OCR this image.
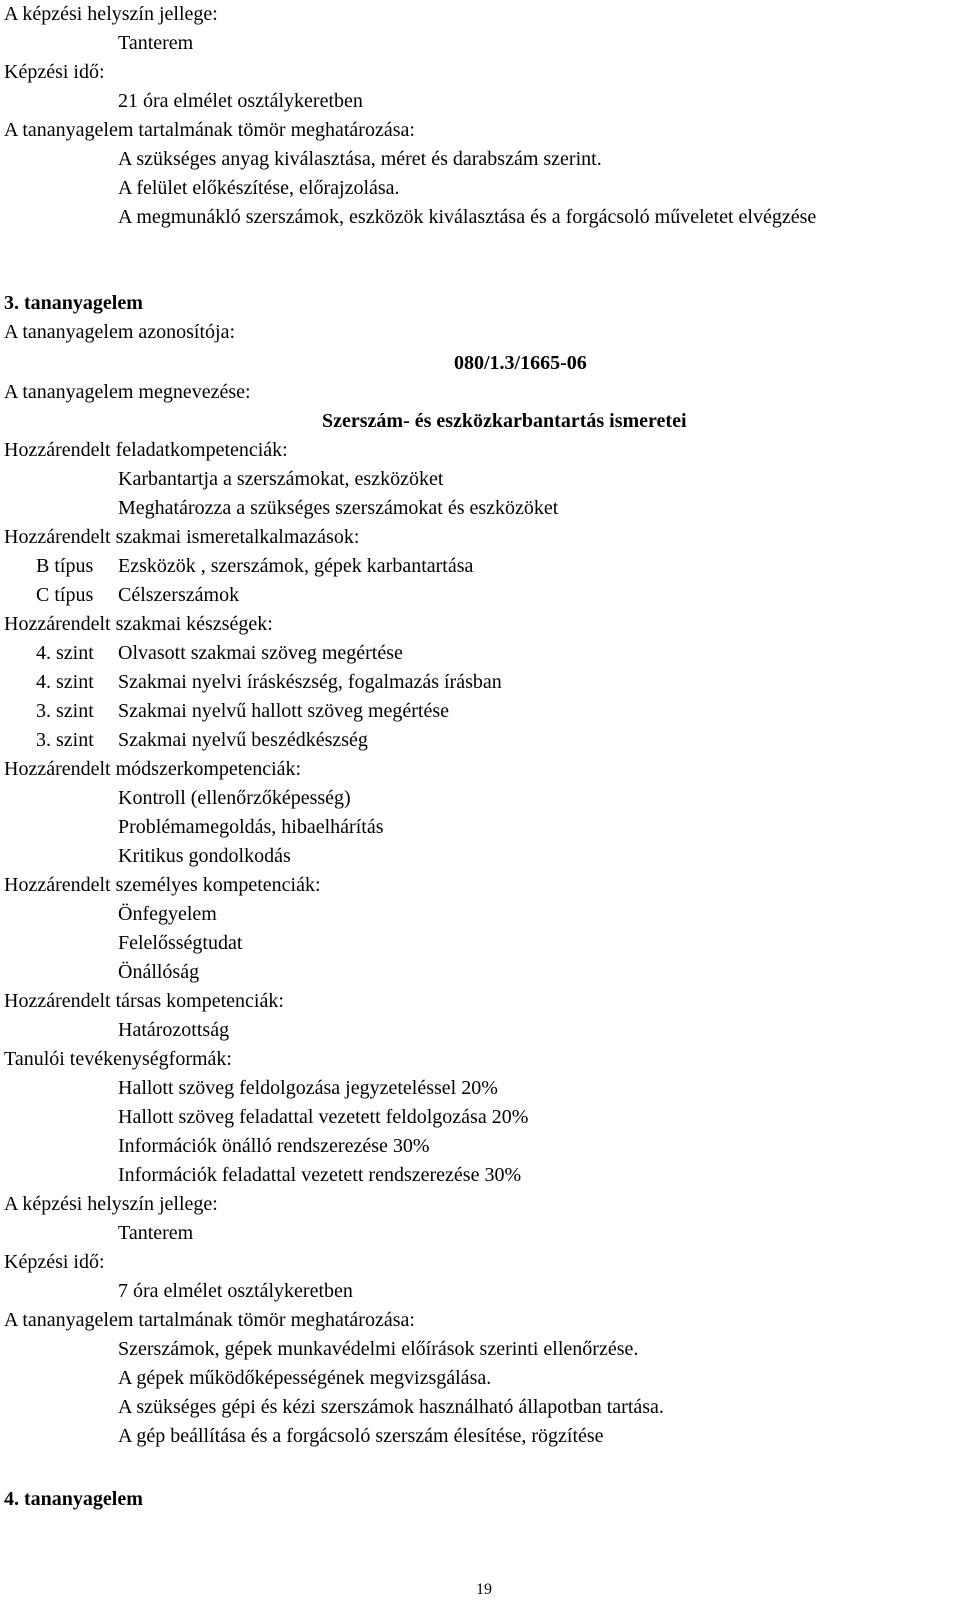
A képzési helyszín jellege:
Tanterem
Képzési idő:
21 óra elmélet osztálykeretben
A tananyagelem tartalmának tömör meghatározása:
A szükséges anyag kiválasztása, méret és darabszám szerint.
A felület előkészítése, előrajzolása.
A megmunákló szerszámok, eszközök kiválasztása és a forgácsoló műveletet elvégzése
3. tananyagelem
A tananyagelem azonosítója:
080/1.3/1665-06
A tananyagelem megnevezése:
Szerszám- és eszközkarbantartás ismeretei
Hozzárendelt feladatkompetenciák:
Karbantartja a szerszámokat, eszközöket
Meghatározza a szükséges szerszámokat és eszközöket
Hozzárendelt szakmai ismeretalkalmazások:
B típus Ezsközök , szerszámok, gépek karbantartása
C típus Célszerszámok
Hozzárendelt szakmai készségek:
4. szint Olvasott szakmai szöveg megértése
4. szint Szakmai nyelvi íráskészség, fogalmazás írásban
3. szint Szakmai nyelvű hallott szöveg megértése
3. szint Szakmai nyelvű beszédkészség
Hozzárendelt módszerkompetenciák:
Kontroll (ellenőrzőképesség)
Problémamegoldás, hibaelhárítás
Kritikus gondolkodás
Hozzárendelt személyes kompetenciák:
Önfegyelem
Felelősségtudat
Önállóság
Hozzárendelt társas kompetenciák:
Határozottság
Tanulói tevékenységformák:
Hallott szöveg feldolgozása jegyzeteléssel 20%
Hallott szöveg feladattal vezetett feldolgozása 20%
Információk önálló rendszerezése 30%
Információk feladattal vezetett rendszerezése 30%
A képzési helyszín jellege:
Tanterem
Képzési idő:
7 óra elmélet osztálykeretben
A tananyagelem tartalmának tömör meghatározása:
Szerszámok, gépek munkavédelmi előírások szerinti ellenőrzése.
A gépek működőképességének megvizsgálása.
A szükséges gépi és kézi szerszámok használható állapotban tartása.
A gép beállítása és a forgácsoló szerszám élesítése, rögzítése
4. tananyagelem
19
